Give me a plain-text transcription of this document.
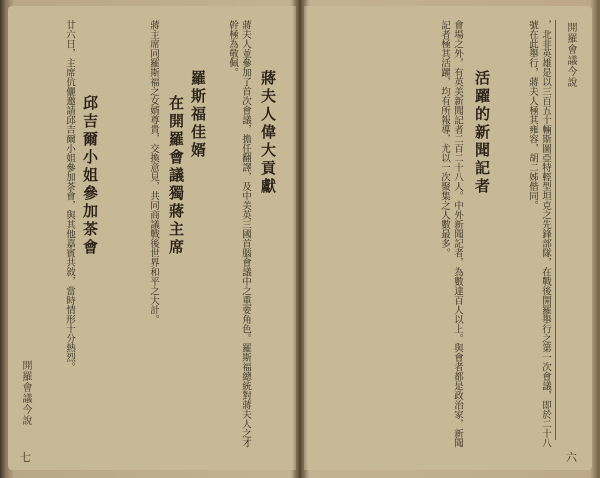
開羅會議今說
六
，北非英雄是以三百五十輛斯圖亞特輕型坦克之先鋒部隊，在戰後開羅舉行之第一次會議，即於二十八號在此舉行，蔣夫人極其雍容，胡二姊偕同。
活躍的新聞記者
會場之外，有英美新聞記者二百二十八人。中外新聞記者，為數達百人以上。與會者都是政治家，新聞記者極其活躍，均有所報導，尤以一次聚集之人數最多。
開羅會議今說
七
蔣夫人偉大貢獻
蔣夫人並參加了首次會議，擔任翻譯，及中美英三國首腦會議中之重要角色。羅斯福總統對蔣夫人之才幹極為敬佩。
羅斯福佳婿
在開羅會議獨蔣主席
蔣主席同羅斯福之女婿尊貴，交換意見，共同商議戰後世界和平之大計。
邱吉爾小姐參加茶會
廿六日，主席伉儷邀請邱吉爾小姐參加茶會，與其他嘉賓共敘，當時情形十分熱烈。
